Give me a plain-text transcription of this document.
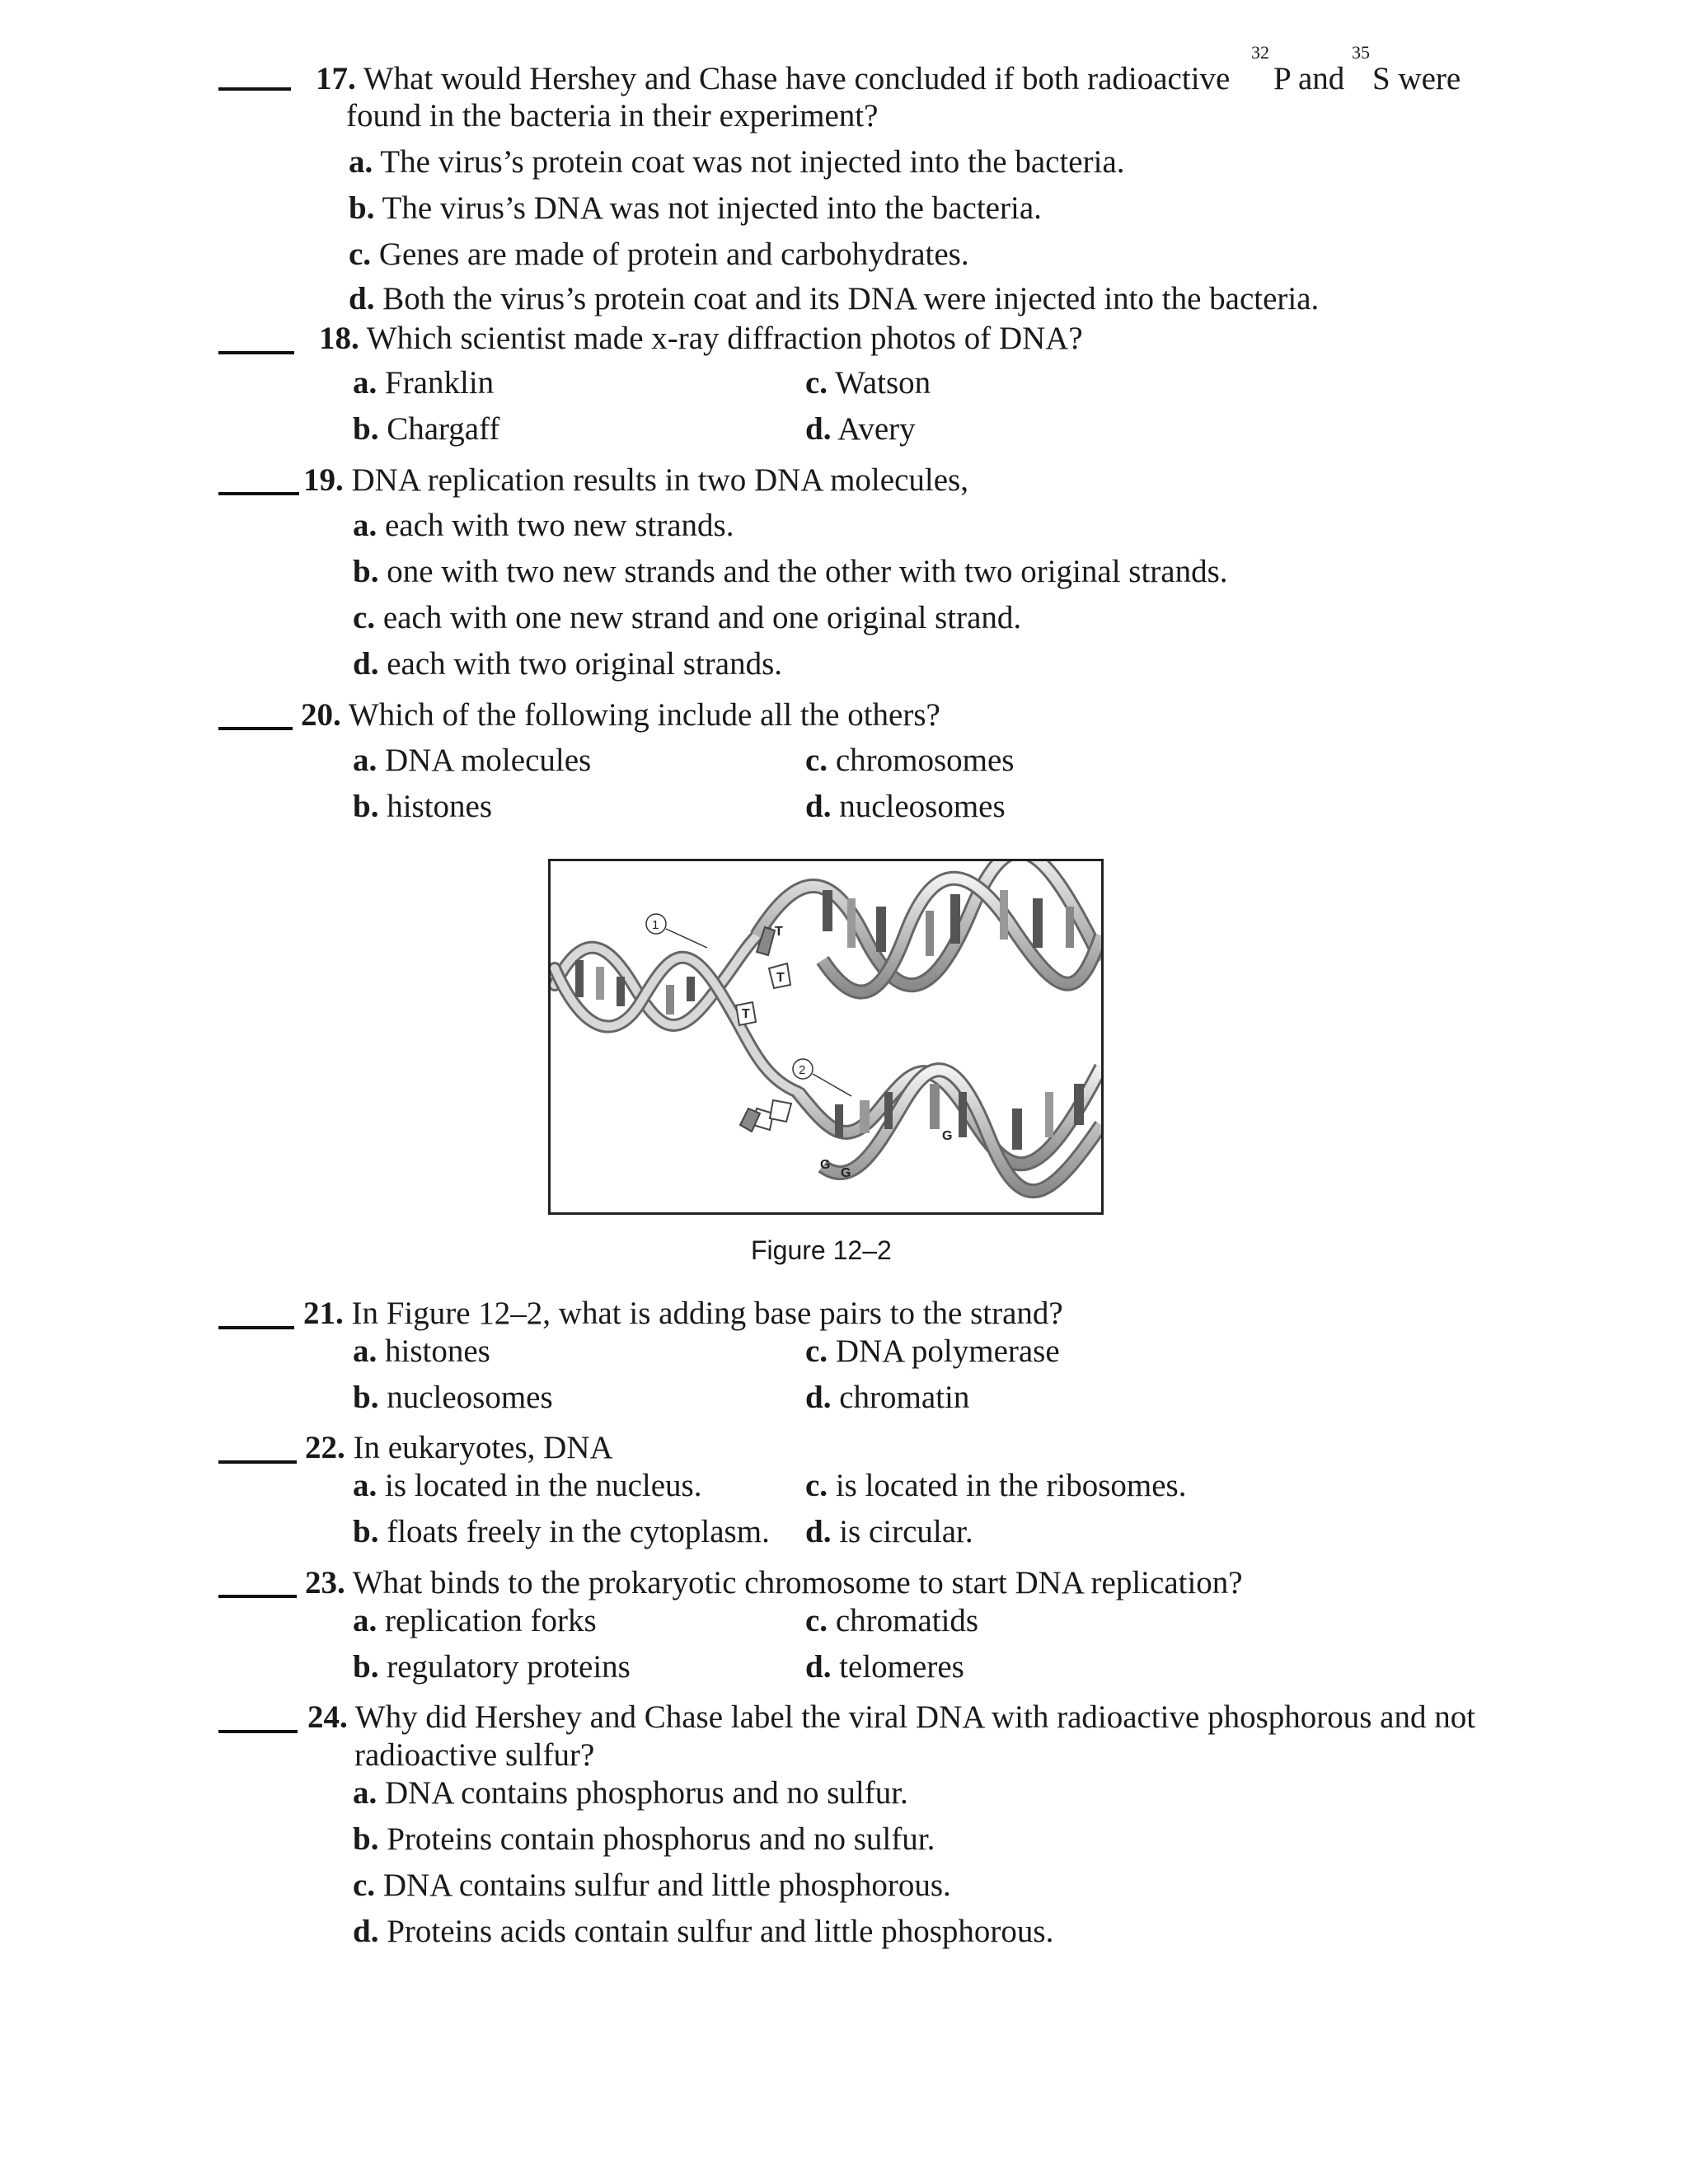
17. What would Hershey and Chase have concluded if both radioactive
32
P and
35
S were
found in the bacteria in their experiment?
a. The virus’s protein coat was not injected into the bacteria.
b. The virus’s DNA was not injected into the bacteria.
c. Genes are made of protein and carbohydrates.
d. Both the virus’s protein coat and its DNA were injected into the bacteria.
18. Which scientist made x-ray diffraction photos of DNA?
a. Franklin	c. Watson
b. Chargaff	d. Avery
19. DNA replication results in two DNA molecules,
a. each with two new strands.
b. one with two new strands and the other with two original strands.
c. each with one new strand and one original strand.
d. each with two original strands.
20. Which of the following include all the others?
a. DNA molecules	c. chromosomes
b. histones	d. nucleosomes
T
T
T
G
G
G
1
2
Figure 12–2
21. In Figure 12–2, what is adding base pairs to the strand?
a. histones	c. DNA polymerase
b. nucleosomes	d. chromatin
22. In eukaryotes, DNA
a. is located in the nucleus.	c. is located in the ribosomes.
b. floats freely in the cytoplasm. d. is circular.
23. What binds to the prokaryotic chromosome to start DNA replication?
a. replication forks	c. chromatids
b. regulatory proteins	d. telomeres
24. Why did Hershey and Chase label the viral DNA with radioactive phosphorous and not
radioactive sulfur?
a. DNA contains phosphorus and no sulfur.
b. Proteins contain phosphorus and no sulfur.
c. DNA contains sulfur and little phosphorous.
d. Proteins acids contain sulfur and little phosphorous.
